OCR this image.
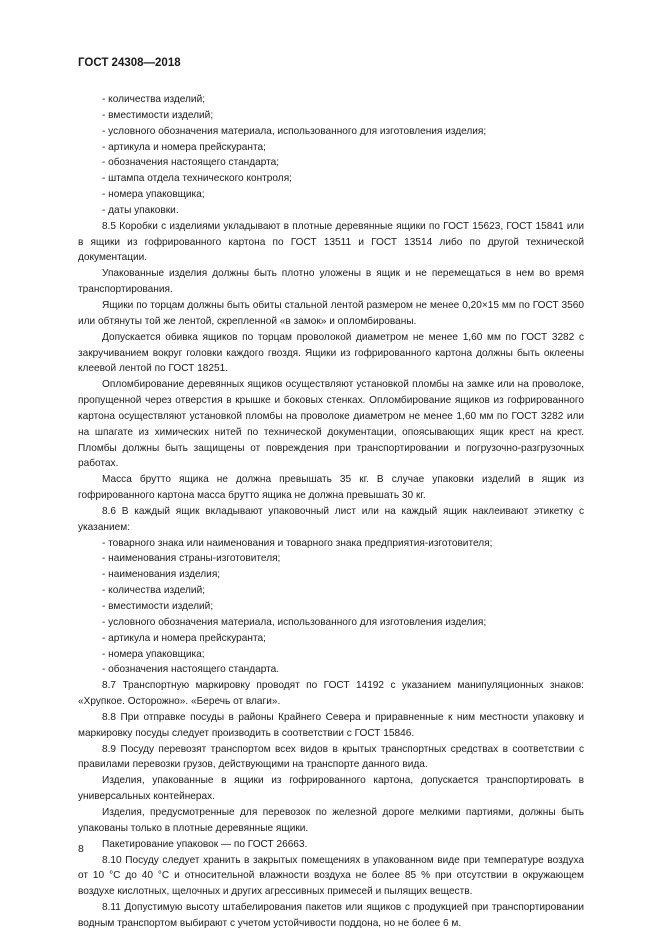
ГОСТ 24308—2018

- количества изделий;

- вместимости изделий;

- условного обозначения материала, использованного для изготовления изделия;

- артикула и номера прейскуранта;

- обозначения настоящего стандарта;

- штампа отдела технического контроля;

- номера упаковщика;

- даты упаковки.

8.5 Коробки с изделиями укладывают в плотные деревянные ящики по ГОСТ 15623, ГОСТ 15841 или в ящики из гофрированного картона по ГОСТ 13511 и ГОСТ 13514 либо по другой технической документации.

Упакованные изделия должны быть плотно уложены в ящик и не перемещаться в нем во время транспортирования.

Ящики по торцам должны быть обиты стальной лентой размером не менее 0,20×15 мм по ГОСТ 3560 или обтянуты той же лентой, скрепленной «в замок» и опломбированы.

Допускается обивка ящиков по торцам проволокой диаметром не менее 1,60 мм по ГОСТ 3282 с закручиванием вокруг головки каждого гвоздя. Ящики из гофрированного картона должны быть оклеены клеевой лентой по ГОСТ 18251.

Опломбирование деревянных ящиков осуществляют установкой пломбы на замке или на проволоке, пропущенной через отверстия в крышке и боковых стенках. Опломбирование ящиков из гофрированного картона осуществляют установкой пломбы на проволоке диаметром не менее 1,60 мм по ГОСТ 3282 или на шпагате из химических нитей по технической документации, опоясывающих ящик крест на крест. Пломбы должны быть защищены от повреждения при транспортировании и погрузочно-разгрузочных работах.

Масса брутто ящика не должна превышать 35 кг. В случае упаковки изделий в ящик из гофрированного картона масса брутто ящика не должна превышать 30 кг.

8.6 В каждый ящик вкладывают упаковочный лист или на каждый ящик наклеивают этикетку с указанием:

- товарного знака или наименования и товарного знака предприятия-изготовителя;

- наименования страны-изготовителя;

- наименования изделия;

- количества изделий;

- вместимости изделий;

- условного обозначения материала, использованного для изготовления изделия;

- артикула и номера прейскуранта;

- номера упаковщика;

- обозначения настоящего стандарта.

8.7 Транспортную маркировку проводят по ГОСТ 14192 с указанием манипуляционных знаков: «Хрупкое. Осторожно». «Беречь от влаги».

8.8 При отправке посуды в районы Крайнего Севера и приравненные к ним местности упаковку и маркировку посуды следует производить в соответствии с ГОСТ 15846.

8.9 Посуду перевозят транспортом всех видов в крытых транспортных средствах в соответствии с правилами перевозки грузов, действующими на транспорте данного вида.

Изделия, упакованные в ящики из гофрированного картона, допускается транспортировать в универсальных контейнерах.

Изделия, предусмотренные для перевозок по железной дороге мелкими партиями, должны быть упакованы только в плотные деревянные ящики.

Пакетирование упаковок — по ГОСТ 26663.

8.10 Посуду следует хранить в закрытых помещениях в упакованном виде при температуре воздуха от 10 °С до 40 °С и относительной влажности воздуха не более 85 % при отсутствии в окружающем воздухе кислотных, щелочных и других агрессивных примесей и пылящих веществ.

8.11 Допустимую высоту штабелирования пакетов или ящиков с продукцией при транспортировании водным транспортом выбирают с учетом устойчивости поддона, но не более 6 м.

8
